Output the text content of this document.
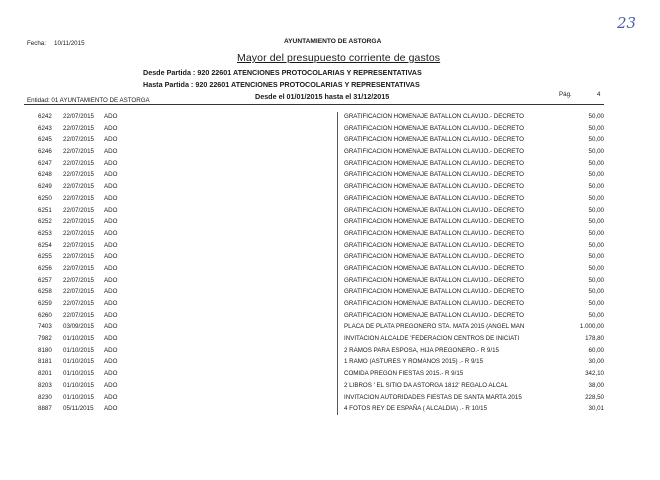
23
Fecha: 10/11/2015	AYUNTAMIENTO DE ASTORGA
Mayor del presupuesto corriente de gastos
Desde Partida : 920 22601 ATENCIONES PROTOCOLARIAS Y REPRESENTATIVAS
Hasta Partida : 920 22601 ATENCIONES PROTOCOLARIAS Y REPRESENTATIVAS
Entidad: 01 AYUNTAMIENTO DE ASTORGA	Desde el 01/01/2015 hasta el 31/12/2015	Pág.	4
6242 22/07/2015 ADO	GRATIFICACION HOMENAJE BATALLON CLAVIJO.- DECRETO	50,00
6243 22/07/2015 ADO	GRATIFICACION HOMENAJE BATALLON CLAVIJO.- DECRETO	50,00
6245 22/07/2015 ADO	GRATIFICACION HOMENAJE BATALLON CLAVIJO.- DECRETO	50,00
6246 22/07/2015 ADO	GRATIFICACION HOMENAJE BATALLON CLAVIJO.- DECRETO	50,00
6247 22/07/2015 ADO	GRATIFICACION HOMENAJE BATALLON CLAVIJO.- DECRETO	50,00
6248 22/07/2015 ADO	GRATIFICACION HOMENAJE BATALLON CLAVIJO.- DECRETO	50,00
6249 22/07/2015 ADO	GRATIFICACION HOMENAJE BATALLON CLAVIJO.- DECRETO	50,00
6250 22/07/2015 ADO	GRATIFICACION HOMENAJE BATALLON CLAVIJO.- DECRETO	50,00
6251 22/07/2015 ADO	GRATIFICACION HOMENAJE BATALLON CLAVIJO.- DECRETO	50,00
6252 22/07/2015 ADO	GRATIFICACION HOMENAJE BATALLON CLAVIJO.- DECRETO	50,00
6253 22/07/2015 ADO	GRATIFICACION HOMENAJE BATALLON CLAVIJO.- DECRETO	50,00
6254 22/07/2015 ADO	GRATIFICACION HOMENAJE BATALLON CLAVIJO.- DECRETO	50,00
6255 22/07/2015 ADO	GRATIFICACION HOMENAJE BATALLON CLAVIJO.- DECRETO	50,00
6256 22/07/2015 ADO	GRATIFICACION HOMENAJE BATALLON CLAVIJO.- DECRETO	50,00
6257 22/07/2015 ADO	GRATIFICACION HOMENAJE BATALLON CLAVIJO.- DECRETO	50,00
6258 22/07/2015 ADO	GRATIFICACION HOMENAJE BATALLON CLAVIJO.- DECRETO	50,00
6259 22/07/2015 ADO	GRATIFICACION HOMENAJE BATALLON CLAVIJO.- DECRETO	50,00
6260 22/07/2015 ADO	GRATIFICACION HOMENAJE BATALLON CLAVIJO.- DECRETO	50,00
7403 03/09/2015 ADO	PLACA DE PLATA PREGONERO STA. MATA 2015 (ANGEL MAN	1.000,00
7982 01/10/2015 ADO	INVITACION ALCALDE 'FEDERACION CENTROS DE INICIATI	178,80
8180 01/10/2015 ADO	2 RAMOS PARA ESPOSA, HIJA PREGONERO.- R 9/15	60,00
8181 01/10/2015 ADO	1 RAMO (ASTURES Y ROMANOS 2015) .- R 9/15	30,00
8201 01/10/2015 ADO	COMIDA PREGON FIESTAS 2015.- R 9/15	342,10
8203 01/10/2015 ADO	2 LIBROS ' EL SITIO DA ASTORGA 1812' REGALO ALCAL	38,00
8230 01/10/2015 ADO	INVITACION AUTORIDADES FIESTAS DE SANTA MARTA 2015	228,50
8887 05/11/2015 ADO	4 FOTOS REY DE ESPAÑA ( ALCALDIA) .- R 10/15	30,01
